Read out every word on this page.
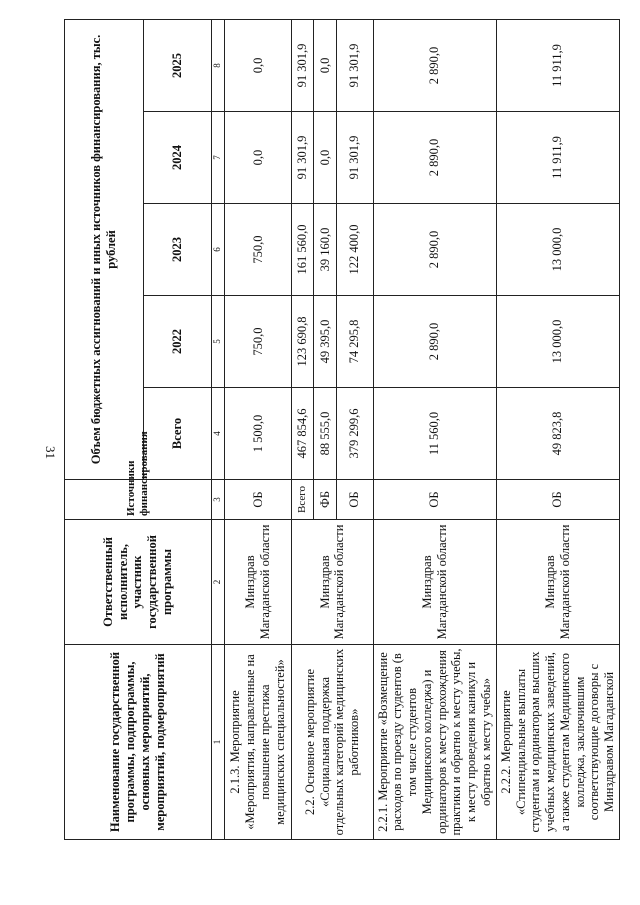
31
Наименование государственной программы, подпрограммы, основных мероприятий, мероприятий, подмероприятий	Ответственный исполнитель, участник государственной программы	Источники финансирования	Объем бюджетных ассигнований и иных источников финансирования, тыс. рублей				
			Всего	2022	2023	2024	2025
1	2	3	4	5	6	7	8
2.1.3. Мероприятие «Мероприятия, направленные на повышение престижа медицинских специальностей»	Минздрав Магаданской области	ОБ	1 500,0	750,0	750,0	0,0	0,0
2.2. Основное мероприятие «Социальная поддержка отдельных категорий медицинских работников»	Минздрав Магаданской области	Всего	467 854,6	123 690,8	161 560,0	91 301,9	91 301,9
		ФБ	88 555,0	49 395,0	39 160,0	0,0	0,0
		ОБ	379 299,6	74 295,8	122 400,0	91 301,9	91 301,9
2.2.1. Мероприятие «Возмещение расходов по проезду студентов (в том числе студентов Медицинского колледжа) и ординаторов к месту прохождения практики и обратно к месту учебы, к месту проведения каникул и обратно к месту учебы»	Минздрав Магаданской области	ОБ	11 560,0	2 890,0	2 890,0	2 890,0	2 890,0
2.2.2. Мероприятие «Стипендиальные выплаты студентам и ординаторам высших учебных медицинских заведений, а также студентам Медицинского колледжа, заключившим соответствующие договоры с Минздравом Магаданской	Минздрав Магаданской области	ОБ	49 823,8	13 000,0	13 000,0	11 911,9	11 911,9
